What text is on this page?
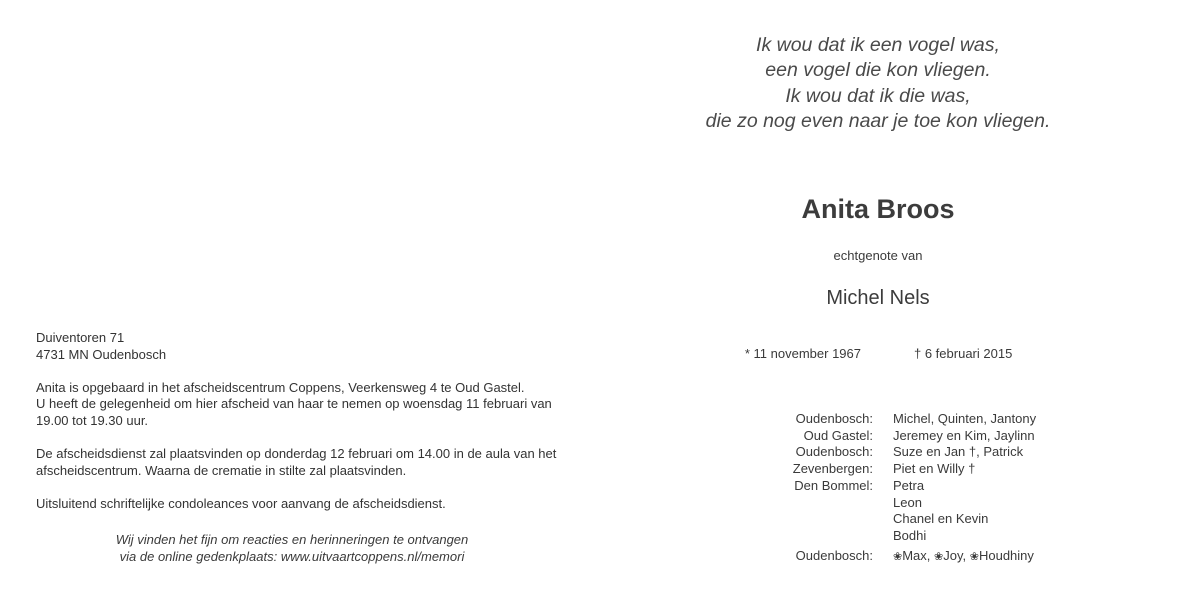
Ik wou dat ik een vogel was,
een vogel die kon vliegen.
Ik wou dat ik die was,
die zo nog even naar je toe kon vliegen.
Anita Broos
echtgenote van
Michel Nels
* 11 november 1967	† 6 februari 2015
Oudenbosch:	Michel, Quinten, Jantony
Oud Gastel:	Jeremey en Kim, Jaylinn
Oudenbosch:	Suze en Jan †, Patrick
Zevenbergen:	Piet en Willy †
Den Bommel:	Petra
Leon
Chanel en Kevin
Bodhi
Oudenbosch:	❀Max, ❀Joy, ❀Houdhiny

Duiventoren 71
4731 MN Oudenbosch

Anita is opgebaard in het afscheidscentrum Coppens, Veerkensweg 4 te Oud Gastel.
U heeft de gelegenheid om hier afscheid van haar te nemen op woensdag 11 februari van
19.00 tot 19.30 uur.

De afscheidsdienst zal plaatsvinden op donderdag 12 februari om 14.00 in de aula van het
afscheidscentrum. Waarna de crematie in stilte zal plaatsvinden.

Uitsluitend schriftelijke condoleances voor aanvang de afscheidsdienst.

Wij vinden het fijn om reacties en herinneringen te ontvangen
via de online gedenkplaats: www.uitvaartcoppens.nl/memori
